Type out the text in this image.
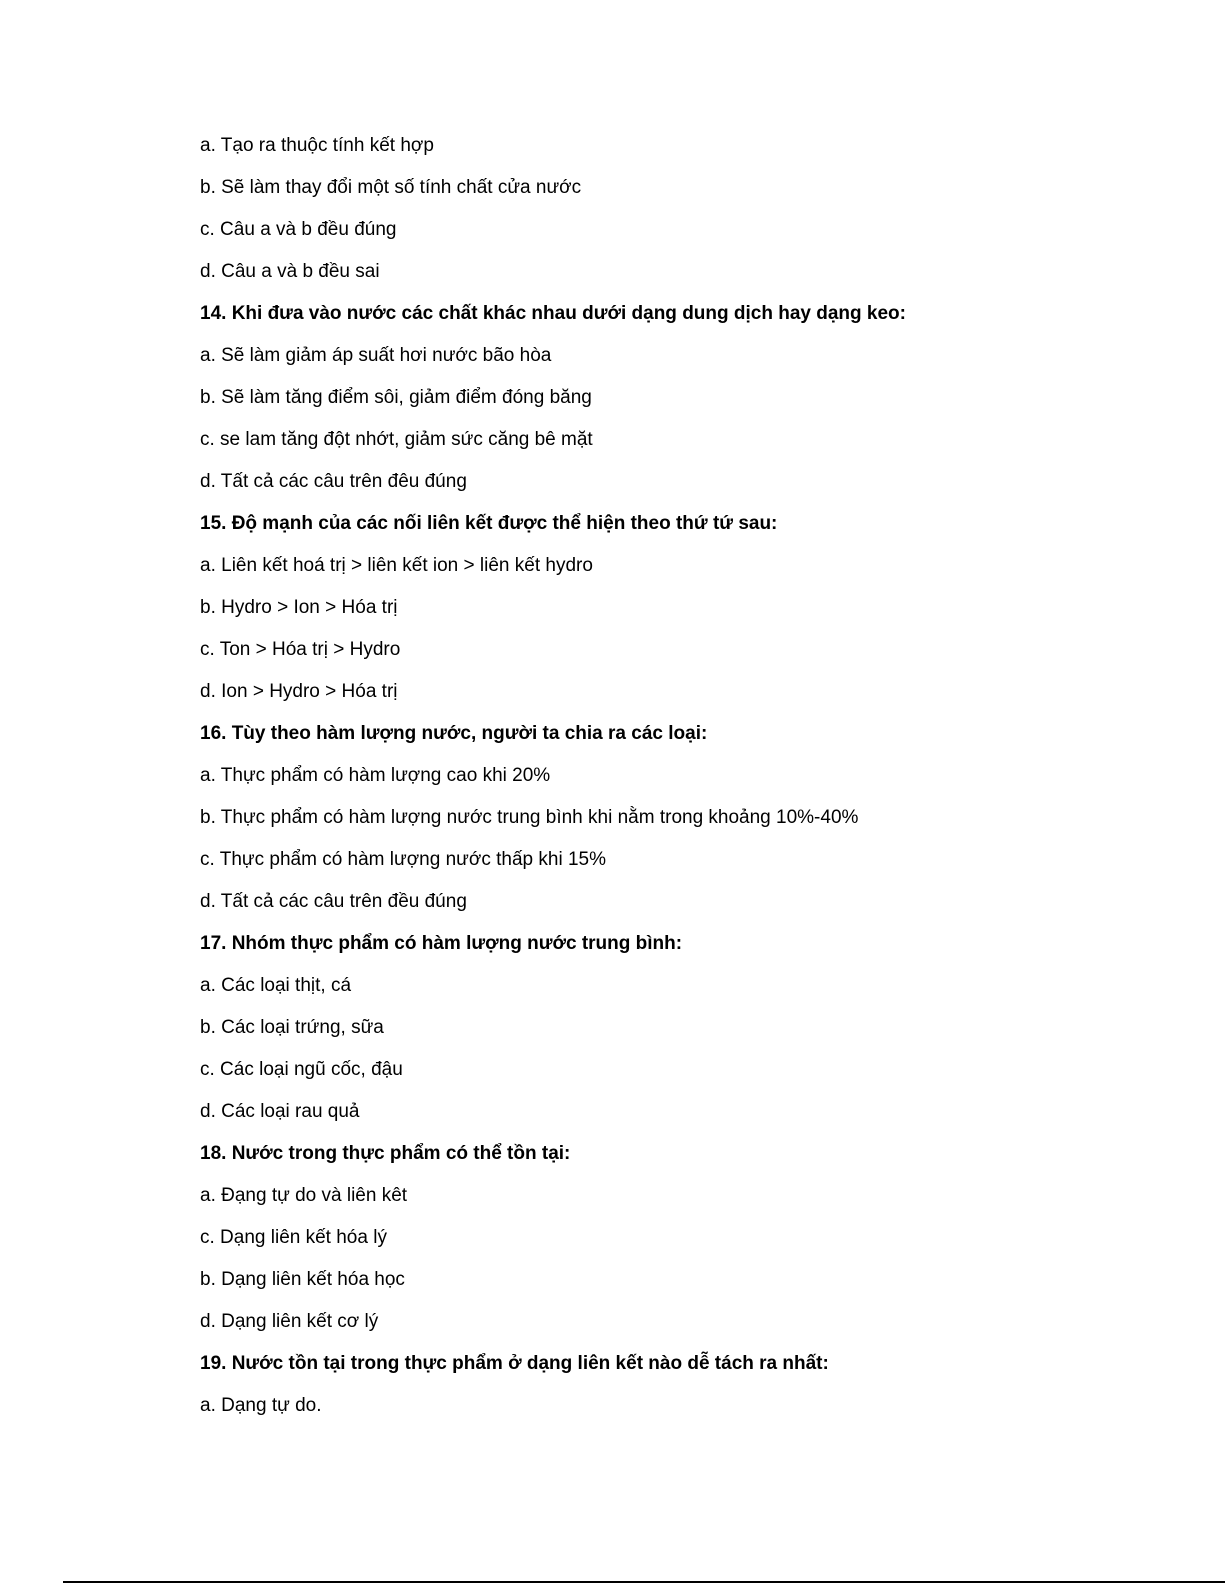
a. Tạo ra thuộc tính kết hợp
b. Sẽ làm thay đổi một số tính chất cửa nước
c. Câu a và b đều đúng
d. Câu a và b đều sai
14. Khi đưa vào nước các chất khác nhau dưới dạng dung dịch hay dạng keo:
a. Sẽ làm giảm áp suất hơi nước bão hòa
b. Sẽ làm tăng điểm sôi, giảm điểm đóng băng
c. se lam tăng đột nhớt, giảm sức căng bê mặt
d. Tất cả các câu trên đêu đúng
15. Độ mạnh của các nối liên kết được thể hiện theo thứ tứ sau:
a. Liên kết hoá trị > liên kết ion > liên kết hydro
b. Hydro > Ion > Hóa trị
c. Ton > Hóa trị > Hydro
d. Ion > Hydro > Hóa trị
16. Tùy theo hàm lượng nước, người ta chia ra các loại:
a. Thực phẩm có hàm lượng cao khi 20%
b. Thực phẩm có hàm lượng nước trung bình khi nằm trong khoảng 10%-40%
c. Thực phẩm có hàm lượng nước thấp khi 15%
d. Tất cả các câu trên đều đúng
17. Nhóm thực phẩm có hàm lượng nước trung bình:
a. Các loại thịt, cá
b. Các loại trứng, sữa
c. Các loại ngũ cốc, đậu
d. Các loại rau quả
18. Nước trong thực phẩm có thể tồn tại:
a. Đạng tự do và liên kêt
c. Dạng liên kết hóa lý
b. Dạng liên kết hóa học
d. Dạng liên kết cơ lý
19. Nước tồn tại trong thực phẩm ở dạng liên kết nào dễ tách ra nhất:
a. Dạng tự do.
